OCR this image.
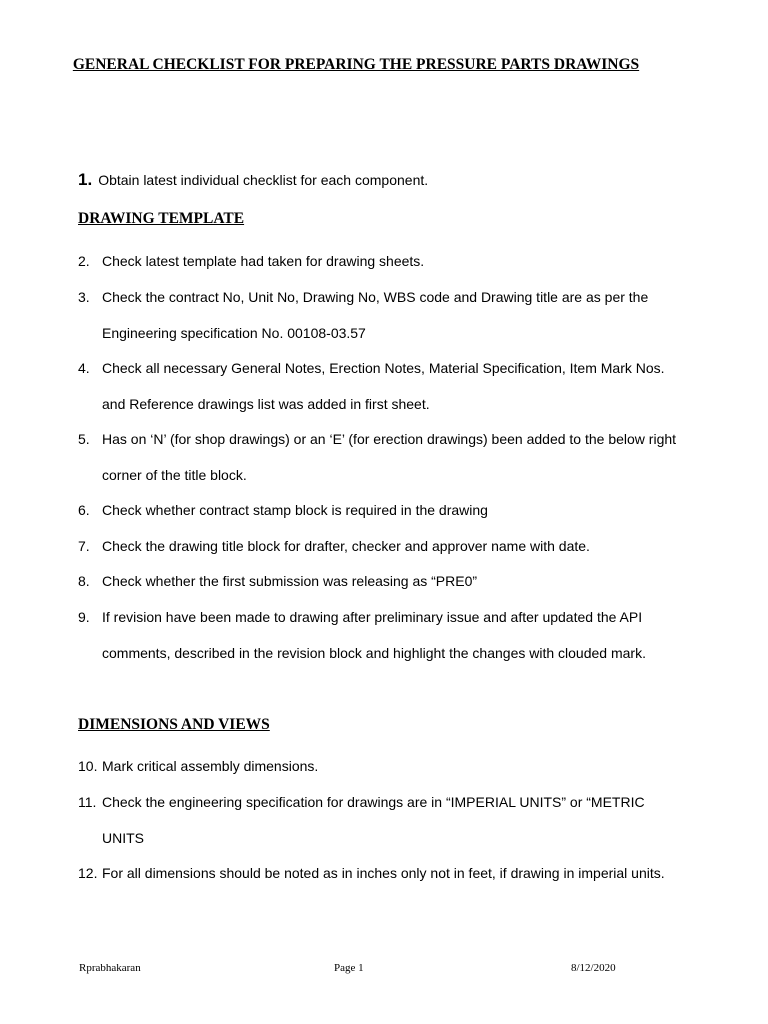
GENERAL CHECKLIST FOR PREPARING THE PRESSURE PARTS DRAWINGS
1. Obtain latest individual checklist for each component.
DRAWING TEMPLATE
2. Check latest template had taken for drawing sheets.
3. Check the contract No, Unit No, Drawing No, WBS code and Drawing title are as per the Engineering specification No. 00108-03.57
4. Check all necessary General Notes, Erection Notes, Material Specification, Item Mark Nos. and Reference drawings list was added in first sheet.
5. Has on ‘N’ (for shop drawings) or an ‘E’ (for erection drawings) been added to the below right corner of the title block.
6. Check whether contract stamp block is required in the drawing
7. Check the drawing title block for drafter, checker and approver name with date.
8. Check whether the first submission was releasing as “PRE0”
9. If revision have been made to drawing after preliminary issue and after updated the API comments, described in the revision block and highlight the changes with clouded mark.
DIMENSIONS AND VIEWS
10. Mark critical assembly dimensions.
11. Check the engineering specification for drawings are in “IMPERIAL UNITS” or “METRIC UNITS
12. For all dimensions should be noted as in inches only not in feet, if drawing in imperial units.
Rprabhakaran	Page 1	8/12/2020
